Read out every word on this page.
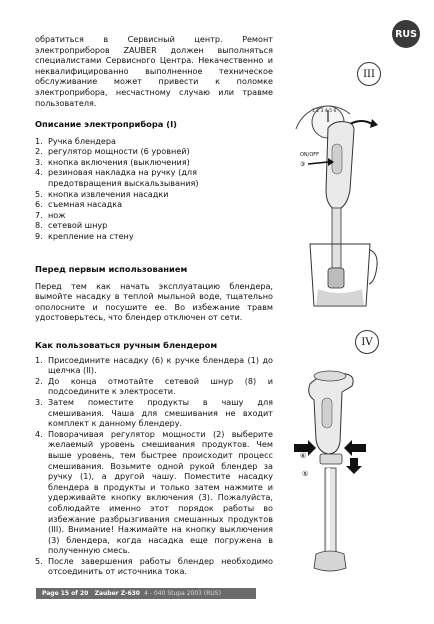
RUS
обратиться в Сервисный центр. Ремонт электроприборов ZAUBER должен выполняться специалистами Сервисного Центра. Некачественно и неквалифицированно выполненное техническое обслуживание может привести к поломке электроприбора, несчастному случаю или травме пользователя.
Описание электроприбора (I)
1. Ручка блендера
2. регулятор мощности (6 уровней)
3. кнопка включения (выключения)
4. резиновая накладка на ручку (для предотвращения выскальзывания)
5. кнопка извлечения насадки
6. съемная насадка
7. нож
8. сетевой шнур
9. крепление на стену
Перед первым использованием
Перед тем как начать эксплуатацию блендера, вымойте насадку в теплой мыльной воде, тщательно ополосните и посушите ее. Во избежание травм удостоверьтесь, что блендер отключен от сети.
Как пользоваться ручным блендером
1. Присоедините насадку (6) к ручке блендера (1) до щелчка (II).
2. До конца отмотайте сетевой шнур (8) и подсоедините к электросети.
3. Затем поместите продукты в чашу для смешивания. Чаша для смешивания не входит комплект к данному блендеру.
4. Поворачивая регулятор мощности (2) выберите желаемый уровень смешивания продуктов. Чем выше уровень, тем быстрее происходит процесс смешивания. Возьмите одной рукой блендер за ручку (1), а другой чашу. Поместите насадку блендера в продукты и только затем нажмите и удерживайте кнопку включения (3). Пожалуйста, соблюдайте именно этот порядок работы во избежание разбрызгивания смешанных продуктов (III). Внимание! Нажимайте на кнопку выключения (3) блендера, когда насадка еще погружена в полученную смесь.
5. После завершения работы блендер необходимо отсоединить от источника тока.
III
1 2 3 4 5 6
ON/OFF
③
IV
⑥
⑤
Page 15 of 20 Zauber Z-630 4 - 040 Stupa 2003 (RUS)
